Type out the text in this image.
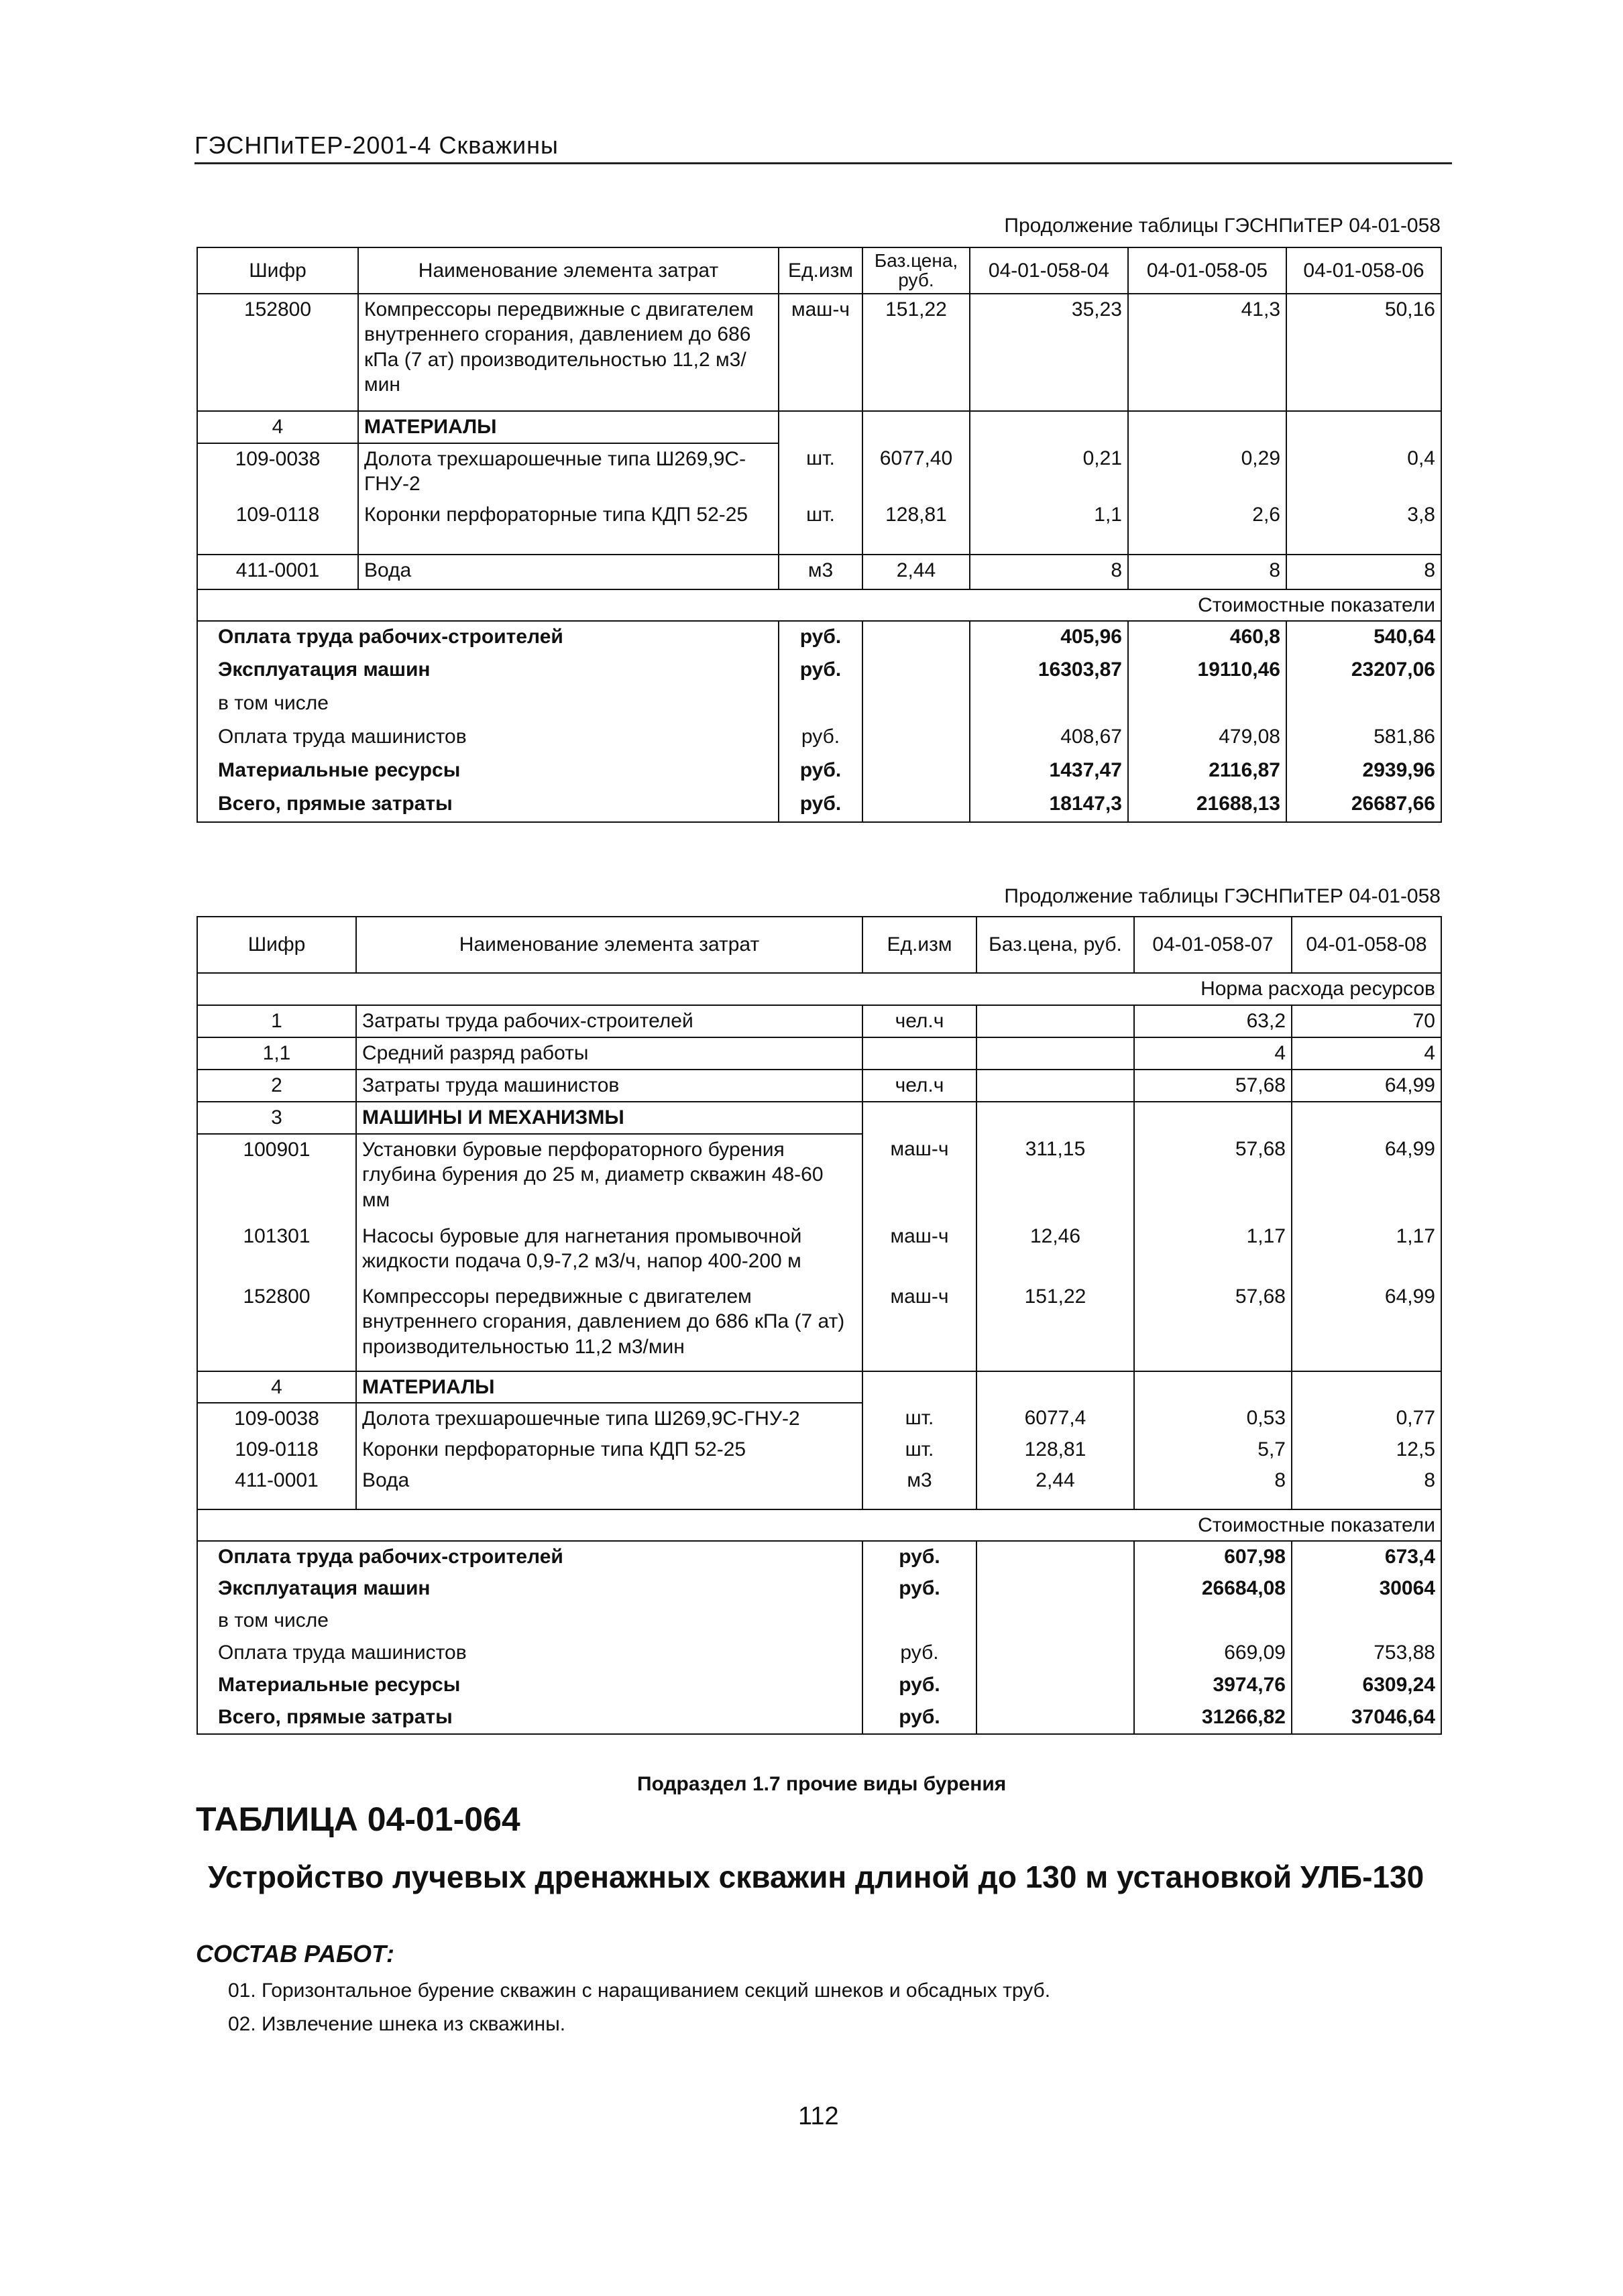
ГЭСНПиТЕР-2001-4 Скважины
Продолжение таблицы ГЭСНПиТЕР 04-01-058
Шифр	Наименование элемента затрат	Ед.изм	Баз.цена, руб.	04-01-058-04	04-01-058-05	04-01-058-06
152800	Компрессоры передвижные с двигателем внутреннего сгорания, давлением до 686 кПа (7 ат) производительностью 11,2 м3/мин	маш-ч	151,22	35,23	41,3	50,16
4	МАТЕРИАЛЫ					
109-0038	Долота трехшарошечные типа Ш269,9С-ГНУ-2	шт.	6077,40	0,21	0,29	0,4
109-0118	Коронки перфораторные типа КДП 52-25	шт.	128,81	1,1	2,6	3,8
411-0001	Вода	м3	2,44	8	8	8
Стоимостные показатели						
Оплата труда рабочих-строителей		руб.		405,96	460,8	540,64
Эксплуатация машин		руб.		16303,87	19110,46	23207,06
в том числе						
Оплата труда машинистов		руб.		408,67	479,08	581,86
Материальные ресурсы		руб.		1437,47	2116,87	2939,96
Всего, прямые затраты		руб.		18147,3	21688,13	26687,66
Продолжение таблицы ГЭСНПиТЕР 04-01-058
Шифр	Наименование элемента затрат	Ед.изм	Баз.цена, руб.	04-01-058-07	04-01-058-08
Норма расхода ресурсов					
1	Затраты труда рабочих-строителей	чел.ч		63,2	70
1,1	Средний разряд работы			4	4
2	Затраты труда машинистов	чел.ч		57,68	64,99
3	МАШИНЫ И МЕХАНИЗМЫ				
100901	Установки буровые перфораторного бурения глубина бурения до 25 м, диаметр скважин 48-60 мм	маш-ч	311,15	57,68	64,99
101301	Насосы буровые для нагнетания промывочной жидкости подача 0,9-7,2 м3/ч, напор 400-200 м	маш-ч	12,46	1,17	1,17
152800	Компрессоры передвижные с двигателем внутреннего сгорания, давлением до 686 кПа (7 ат) производительностью 11,2 м3/мин	маш-ч	151,22	57,68	64,99
4	МАТЕРИАЛЫ				
109-0038	Долота трехшарошечные типа Ш269,9С-ГНУ-2	шт.	6077,4	0,53	0,77
109-0118	Коронки перфораторные типа КДП 52-25	шт.	128,81	5,7	12,5
411-0001	Вода	м3	2,44	8	8
Стоимостные показатели					
Оплата труда рабочих-строителей		руб.		607,98	673,4
Эксплуатация машин		руб.		26684,08	30064
в том числе					
Оплата труда машинистов		руб.		669,09	753,88
Материальные ресурсы		руб.		3974,76	6309,24
Всего, прямые затраты		руб.		31266,82	37046,64
Подраздел 1.7 прочие виды бурения
ТАБЛИЦА 04-01-064
Устройство лучевых дренажных скважин длиной до 130 м установкой УЛБ-130
СОСТАВ РАБОТ:
01. Горизонтальное бурение скважин с наращиванием секций шнеков и обсадных труб.
02. Извлечение шнека из скважины.
112
